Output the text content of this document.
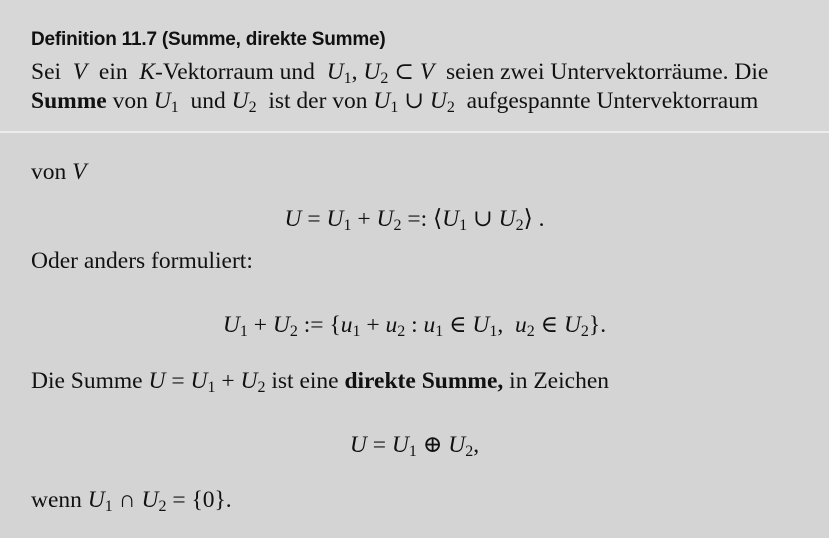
Definition 11.7 (Summe, direkte Summe)
Sei  V  ein  K-Vektorraum und  $U_1$, $U_2$ ⊂ V seien zwei Untervektorräume. Die
Summe von $U_1$ und $U_2$ ist der von $U_1$ ∪ $U_2$ aufgespannte Untervektorraum
von V
$U = U_1 + U_2$ =: $⟨U_1$ ∪ $U_2⟩$ .
Oder anders formuliert:
$U_1 + U_2$ := {$u_1 + u_2$ : $u_1$ ∈ $U_1$,  $u_2$ ∈ $U_2$}.
Die Summe $U = U_1 + U_2$ ist eine direkte Summe, in Zeichen
$U = U_1$ ⊕ $U_2$,
wenn $U_1$ ∩ $U_2 = \{0\}$.
